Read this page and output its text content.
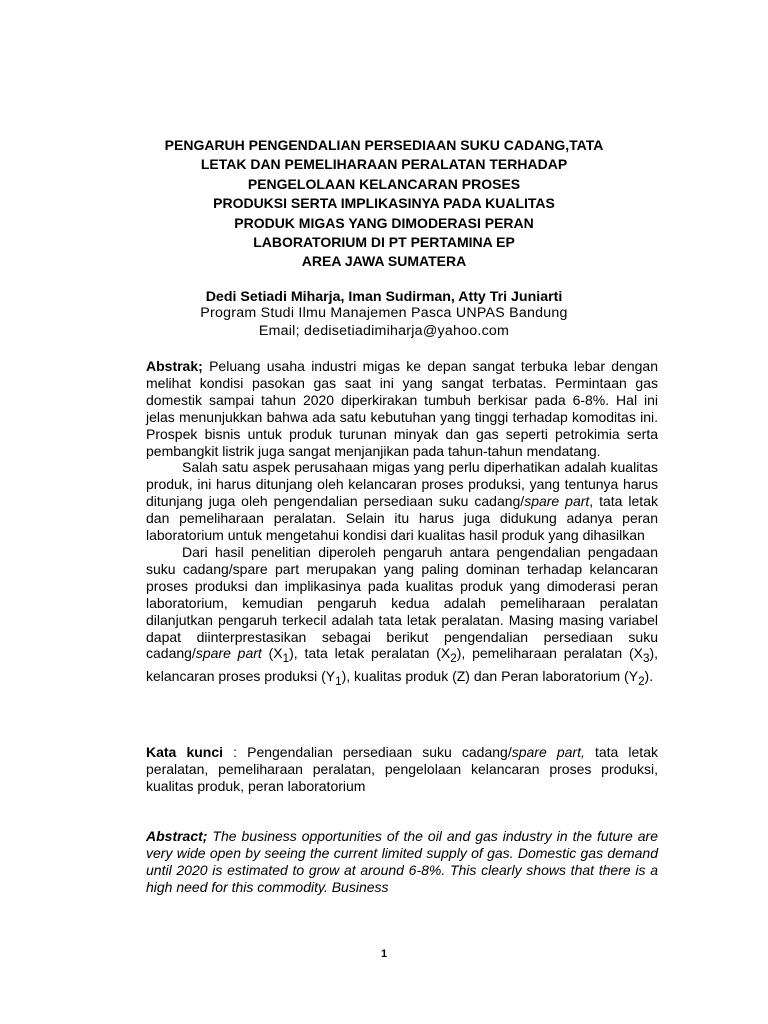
PENGARUH PENGENDALIAN PERSEDIAAN SUKU CADANG,TATA
LETAK DAN PEMELIHARAAN PERALATAN TERHADAP
PENGELOLAAN KELANCARAN PROSES
PRODUKSI SERTA IMPLIKASINYA PADA KUALITAS
PRODUK MIGAS YANG DIMODERASI PERAN
LABORATORIUM DI PT PERTAMINA EP
AREA JAWA SUMATERA
Dedi Setiadi Miharja, Iman Sudirman, Atty Tri Juniarti
Program Studi Ilmu Manajemen Pasca UNPAS Bandung
Email; dedisetiadimiharja@yahoo.com

Abstrak; Peluang usaha industri migas ke depan sangat terbuka lebar dengan melihat kondisi pasokan gas saat ini yang sangat terbatas. Permintaan gas domestik sampai tahun 2020 diperkirakan tumbuh berkisar pada 6-8%. Hal ini jelas menunjukkan bahwa ada satu kebutuhan yang tinggi terhadap komoditas ini. Prospek bisnis untuk produk turunan minyak dan gas seperti petrokimia serta pembangkit listrik juga sangat menjanjikan pada tahun-tahun mendatang.

Salah satu aspek perusahaan migas yang perlu diperhatikan adalah kualitas produk, ini harus ditunjang oleh kelancaran proses produksi, yang tentunya harus ditunjang juga oleh pengendalian persediaan suku cadang/spare part, tata letak dan pemeliharaan peralatan. Selain itu harus juga didukung adanya peran laboratorium untuk mengetahui kondisi dari kualitas hasil produk yang dihasilkan

Dari hasil penelitian diperoleh pengaruh antara pengendalian pengadaan suku cadang/spare part merupakan yang paling dominan terhadap kelancaran proses produksi dan implikasinya pada kualitas produk yang dimoderasi peran laboratorium, kemudian pengaruh kedua adalah pemeliharaan peralatan dilanjutkan pengaruh terkecil adalah tata letak peralatan. Masing masing variabel dapat diinterprestasikan sebagai berikut pengendalian persediaan suku cadang/spare part $(X_1)$, tata letak peralatan $(X_2)$, pemeliharaan peralatan $(X_3)$, kelancaran proses produksi $(Y_1)$, kualitas produk (Z) dan Peran laboratorium $(Y_2)$.

Kata kunci : Pengendalian persediaan suku cadang/spare part, tata letak peralatan, pemeliharaan peralatan, pengelolaan kelancaran proses produksi, kualitas produk, peran laboratorium

Abstract; The business opportunities of the oil and gas industry in the future are very wide open by seeing the current limited supply of gas. Domestic gas demand until 2020 is estimated to grow at around 6-8%. This clearly shows that there is a high need for this commodity. Business

1
